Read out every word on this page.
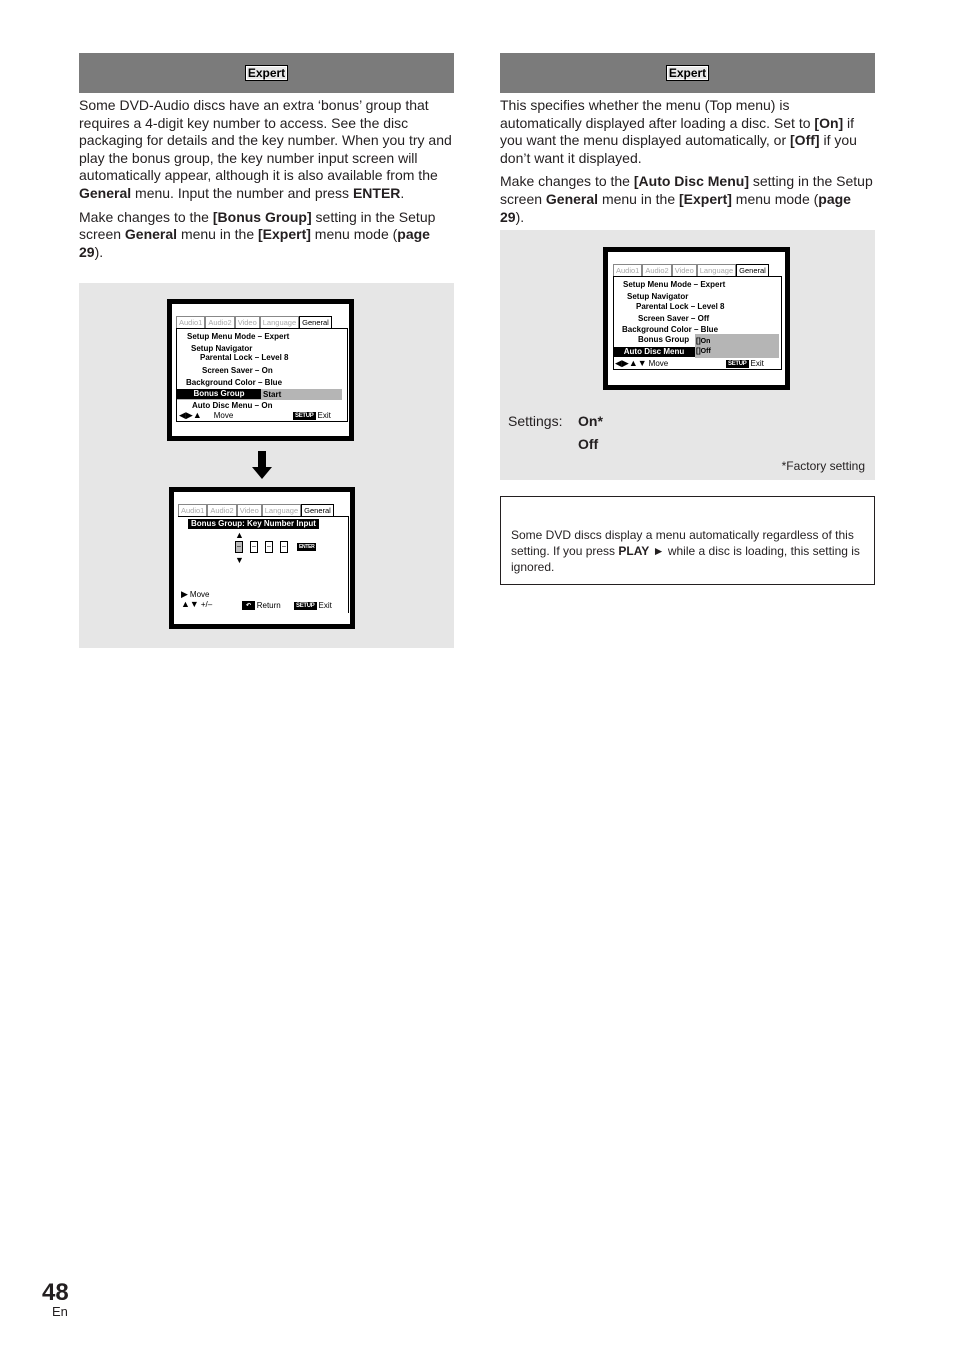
Expert

Some DVD-Audio discs have an extra ‘bonus’ group that requires a 4-digit key number to access. See the disc packaging for details and the key number. When you try and play the bonus group, the key number input screen will automatically appear, although it is also available from the General menu. Input the number and press ENTER.

Make changes to the [Bonus Group] setting in the Setup screen General menu in the [Expert] menu mode (page 29).

Audio1 Audio2 Video Language General
Setup Menu Mode – Expert
Setup Navigator
Parental Lock – Level 8
Screen Saver – On
Background Color – Blue
Bonus Group	Start
Auto Disc Menu – On
◀▶▲ Move	SETUP Exit
Audio1 Audio2 Video Language General
Bonus Group: Key Number Input
▲
– – – –	ENTER
▼
▶ Move
▲▼ +/–	↶ Return	SETUP Exit
Expert

This specifies whether the menu (Top menu) is automatically displayed after loading a disc. Set to [On] if you want the menu displayed automatically, or [Off] if you don’t want it displayed.

Make changes to the [Auto Disc Menu] setting in the Setup screen General menu in the [Expert] menu mode (page 29).

Audio1 Audio2 Video Language General
Setup Menu Mode – Expert
Setup Navigator
Parental Lock – Level 8
Screen Saver – Off
Background Color – Blue
Bonus Group
Auto Disc Menu
[]On
[]Off
◀▶▲▼ Move	SETUP Exit
Settings: On*
Off
*Factory setting
Some DVD discs display a menu automatically regardless of this setting. If you press PLAY ► while a disc is loading, this setting is ignored.
48
En
